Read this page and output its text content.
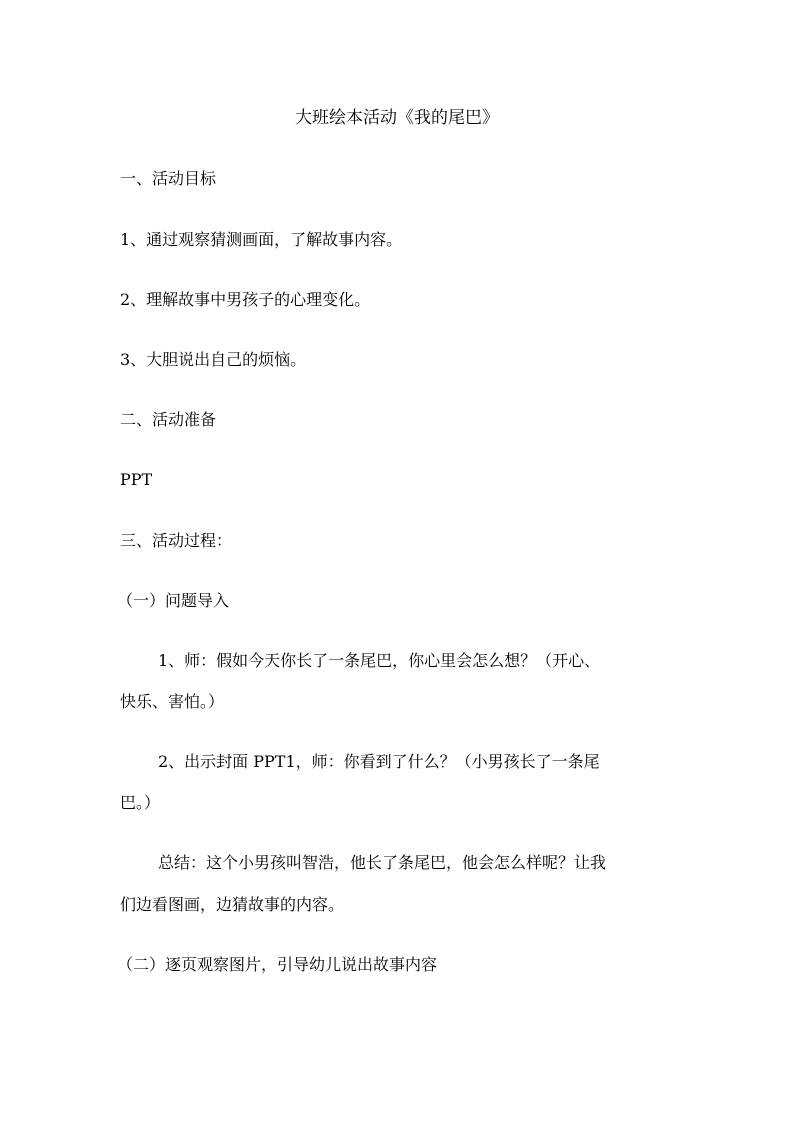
大班绘本活动《我的尾巴》

一、活动目标

1、通过观察猜测画面，了解故事内容。

2、理解故事中男孩子的心理变化。

3、大胆说出自己的烦恼。

二、活动准备

PPT

三、活动过程：

（一）问题导入

1、师：假如今天你长了一条尾巴，你心里会怎么想？（开心、

快乐、害怕。）

2、出示封面 PPT1，师：你看到了什么？（小男孩长了一条尾

巴。）

总结：这个小男孩叫智浩，他长了条尾巴，他会怎么样呢？让我

们边看图画，边猜故事的内容。

（二）逐页观察图片，引导幼儿说出故事内容
